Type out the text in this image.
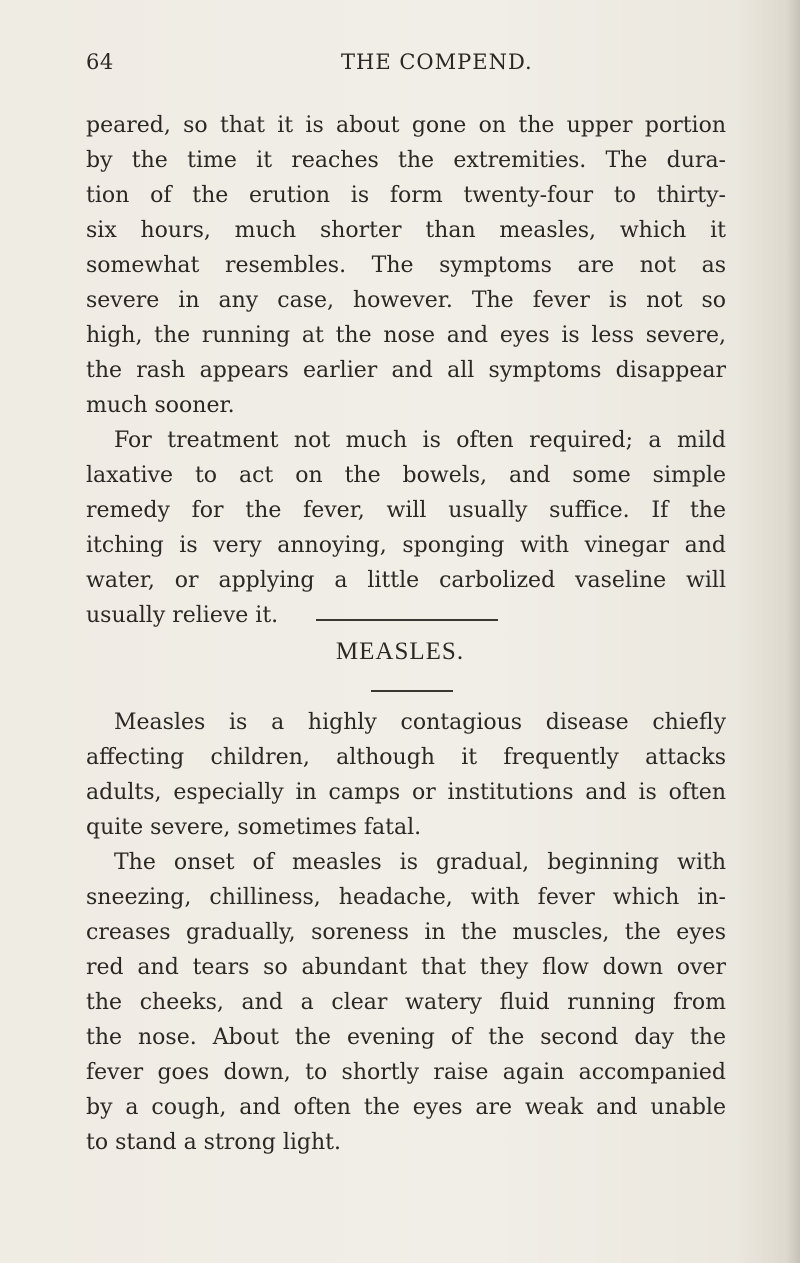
64	THE COMPEND.
peared, so that it is about gone on the upper portion
by the time it reaches the extremities. The dura-
tion of the erution is form twenty-four to thirty-
six hours, much shorter than measles, which it
somewhat resembles. The symptoms are not as
severe in any case, however. The fever is not so
high, the running at the nose and eyes is less severe,
the rash appears earlier and all symptoms disappear
much sooner.
For treatment not much is often required; a mild
laxative to act on the bowels, and some simple
remedy for the fever, will usually suffice. If the
itching is very annoying, sponging with vinegar and
water, or applying a little carbolized vaseline will
usually relieve it.
MEASLES.
Measles is a highly contagious disease chiefly
affecting children, although it frequently attacks
adults, especially in camps or institutions and is often
quite severe, sometimes fatal.
The onset of measles is gradual, beginning with
sneezing, chilliness, headache, with fever which in-
creases gradually, soreness in the muscles, the eyes
red and tears so abundant that they flow down over
the cheeks, and a clear watery fluid running from
the nose. About the evening of the second day the
fever goes down, to shortly raise again accompanied
by a cough, and often the eyes are weak and unable
to stand a strong light.
